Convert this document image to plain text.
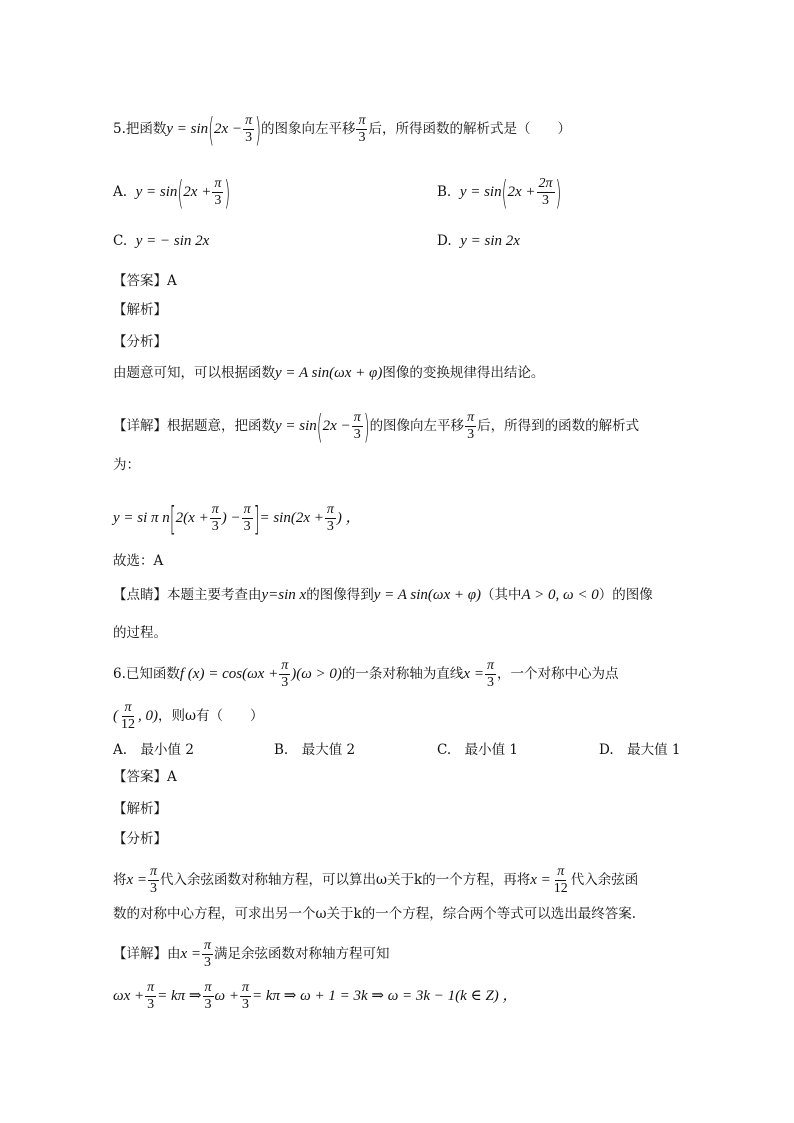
5.把函数$y = \sin(2x - \frac{\pi}{3}$ )的图象向左平移 $\frac{\pi}{3}$ 后，所得函数的解析式是（　　）
A. $y = \sin(2x + \frac{\pi}{3}$ )	B. $y = \sin(2x + \frac{2\pi}{3}$ )
C. y = − sin 2x	D. y = sin 2x
【答案】A
【解析】
【分析】
由题意可知，可以根据函数y = A sin(ωx + φ)图像的变换规律得出结论。
【详解】根据题意，把函数$y = \sin(2x - \frac{\pi}{3}$ )的图像向左平移 $\frac{\pi}{3}$ 后，所得到的函数的解析式
为：
y = si π $n[2(x + \frac{\pi}{3}$ ) − $\frac{\pi}{3}$ ]= $\sin(2x + \frac{\pi}{3}$ ) ，
故选：A
【点睛】本题主要考查由y=sin x的图像得到y = A sin(ωx + φ)（其中A > 0, ω < 0）的图像
的过程。
6.已知函数f $(x) = \cos(\omega x + \frac{\pi}{3} )(\omega > 0)$的一条对称轴为直线$x = \frac{\pi}{3}$ ，一个对称中心为点
( $\frac{\pi}{12}$ , 0)，则ω有（　　）
A.　最小值 2	B.　最大值 2	C.　最小值 1	D.　最大值 1
【答案】A
【解析】
【分析】
将$x = \frac{\pi}{3}$ 代入余弦函数对称轴方程，可以算出ω关于k的一个方程，再将$x = \frac{\pi}{12}$ 代入余弦函
数的对称中心方程，可求出另一个ω关于k的一个方程，综合两个等式可以选出最终答案.
【详解】由$x = \frac{\pi}{3}$ 满足余弦函数对称轴方程可知
$\omega x + \frac{\pi}{3} = k\pi$ ⇒ $\frac{\pi}{3}$ $\omega + \frac{\pi}{3} = k\pi$ ⇒ ω + 1 = 3k ⇒ ω = 3k − 1(k ∈ Z) ，
